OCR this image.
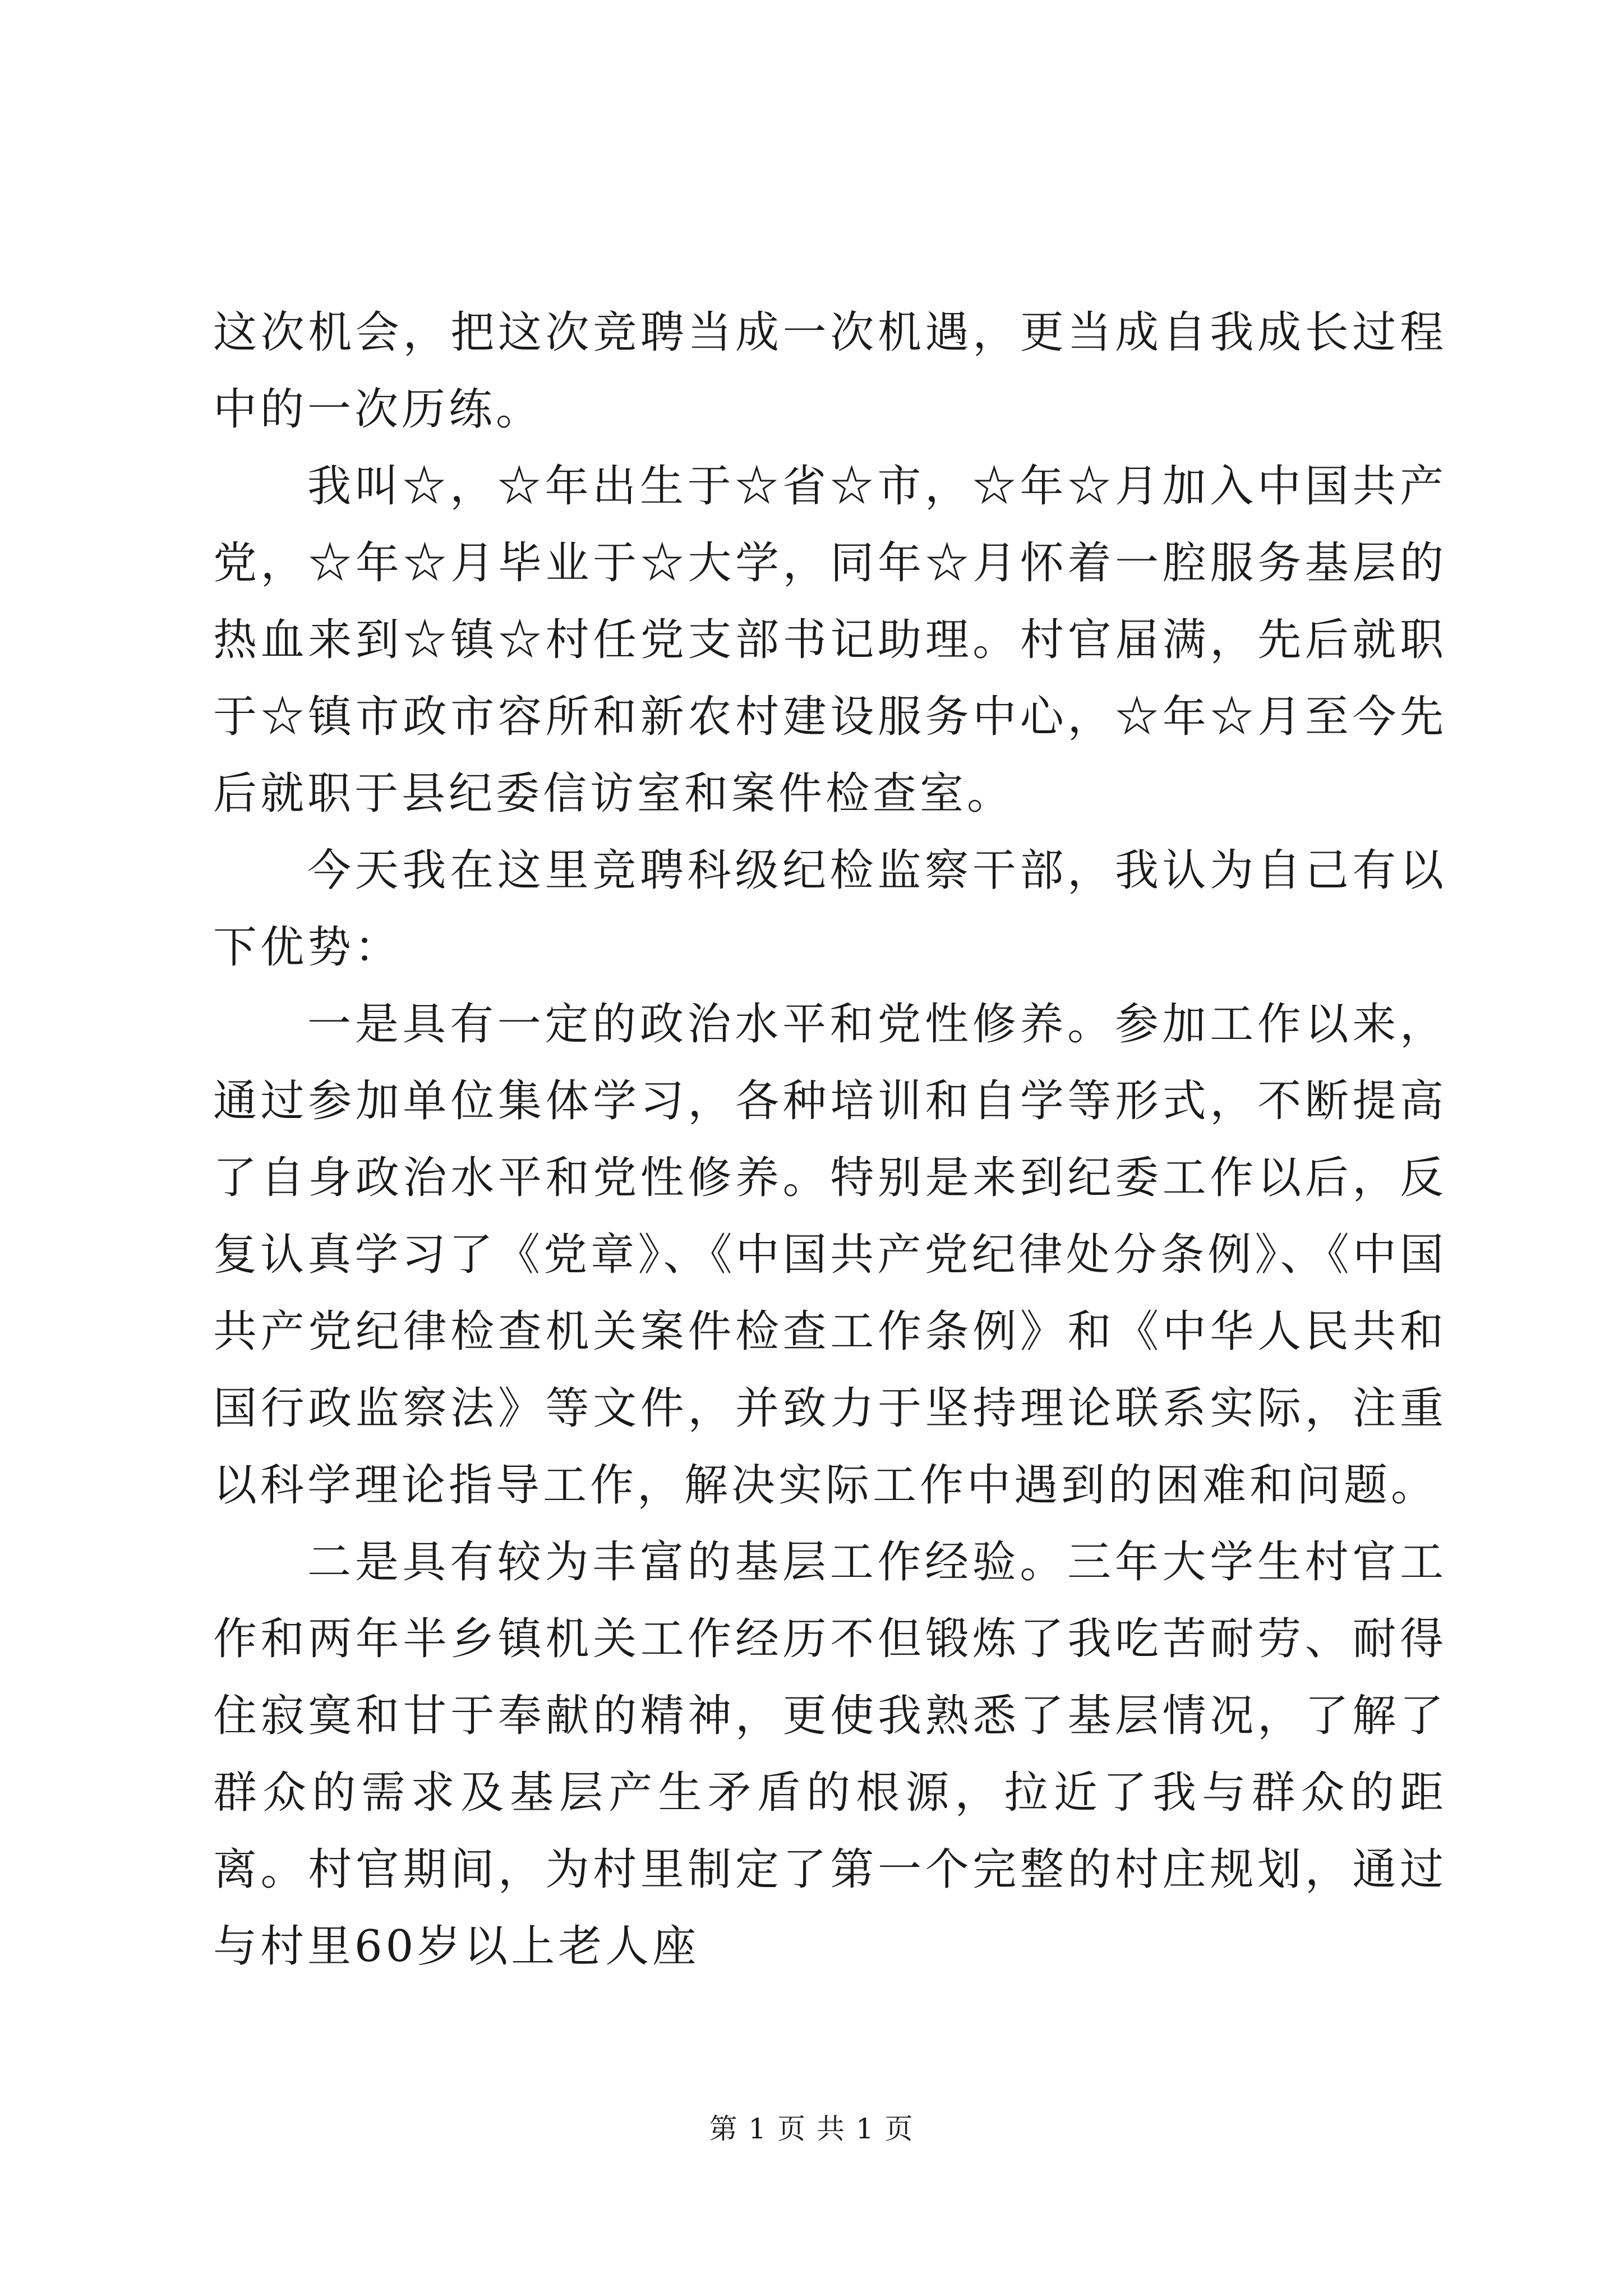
这次机会，把这次竞聘当成一次机遇，更当成自我成长过程中的一次历练。

我叫☆，☆年出生于☆省☆市，☆年☆月加入中国共产党，☆年☆月毕业于☆大学，同年☆月怀着一腔服务基层的热血来到☆镇☆村任党支部书记助理。村官届满，先后就职于☆镇市政市容所和新农村建设服务中心，☆年☆月至今先后就职于县纪委信访室和案件检查室。

今天我在这里竞聘科级纪检监察干部，我认为自己有以下优势：

一是具有一定的政治水平和党性修养。参加工作以来，通过参加单位集体学习，各种培训和自学等形式，不断提高了自身政治水平和党性修养。特别是来到纪委工作以后，反复认真学习了《党章》、《中国共产党纪律处分条例》、《中国共产党纪律检查机关案件检查工作条例》和《中华人民共和国行政监察法》等文件，并致力于坚持理论联系实际，注重以科学理论指导工作，解决实际工作中遇到的困难和问题。

二是具有较为丰富的基层工作经验。三年大学生村官工作和两年半乡镇机关工作经历不但锻炼了我吃苦耐劳、耐得住寂寞和甘于奉献的精神，更使我熟悉了基层情况，了解了群众的需求及基层产生矛盾的根源，拉近了我与群众的距离。村官期间，为村里制定了第一个完整的村庄规划，通过与村里60岁以上老人座

第 1 页 共 1 页
